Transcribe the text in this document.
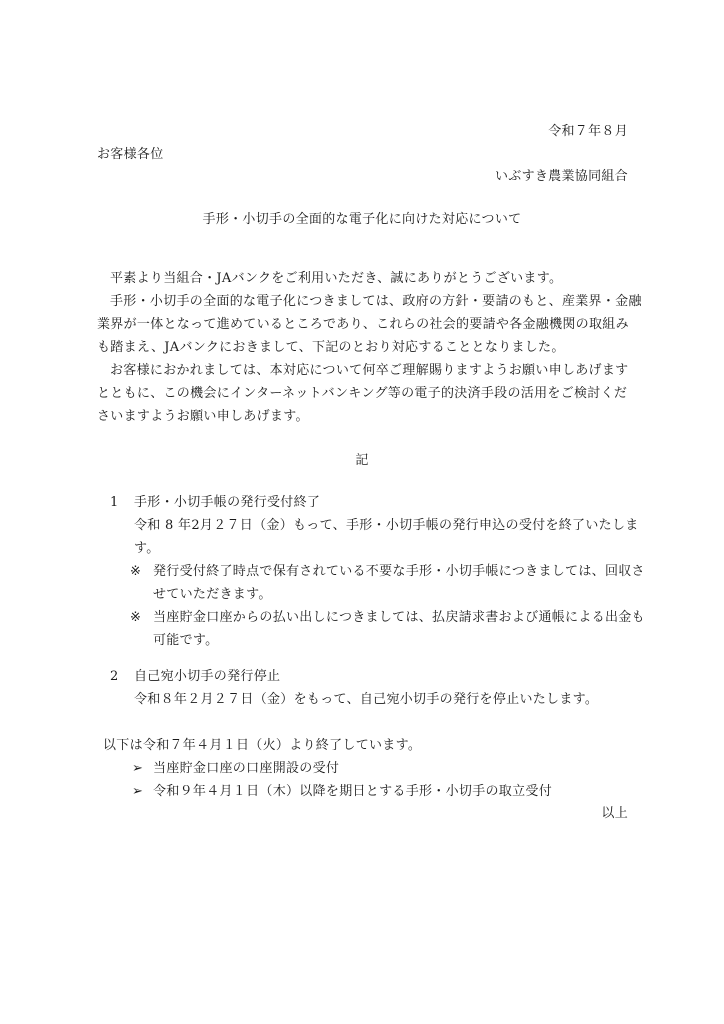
令和７年８月
お客様各位
いぶすき農業協同組合
手形・小切手の全面的な電子化に向けた対応について
平素より当組合・JAバンクをご利用いただき、誠にありがとうございます。
手形・小切手の全面的な電子化につきましては、政府の方針・要請のもと、産業界・金融
業界が一体となって進めているところであり、これらの社会的要請や各金融機関の取組み
も踏まえ、JAバンクにおきまして、下記のとおり対応することとなりました。
お客様におかれましては、本対応について何卒ご理解賜りますようお願い申しあげます
とともに、この機会にインターネットバンキング等の電子的決済手段の活用をご検討くだ
さいますようお願い申しあげます。
記
1 手形・小切手帳の発行受付終了
令和 8 年2月２７日（金）もって、手形・小切手帳の発行申込の受付を終了いたしま
す。
※ 発行受付終了時点で保有されている不要な手形・小切手帳につきましては、回収さ
せていただきます。
※ 当座貯金口座からの払い出しにつきましては、払戻請求書および通帳による出金も
可能です。
2 自己宛小切手の発行停止
令和８年２月２７日（金）をもって、自己宛小切手の発行を停止いたします。
以下は令和７年４月１日（火）より終了しています。
➢ 当座貯金口座の口座開設の受付
➢ 令和９年４月１日（木）以降を期日とする手形・小切手の取立受付
以上
